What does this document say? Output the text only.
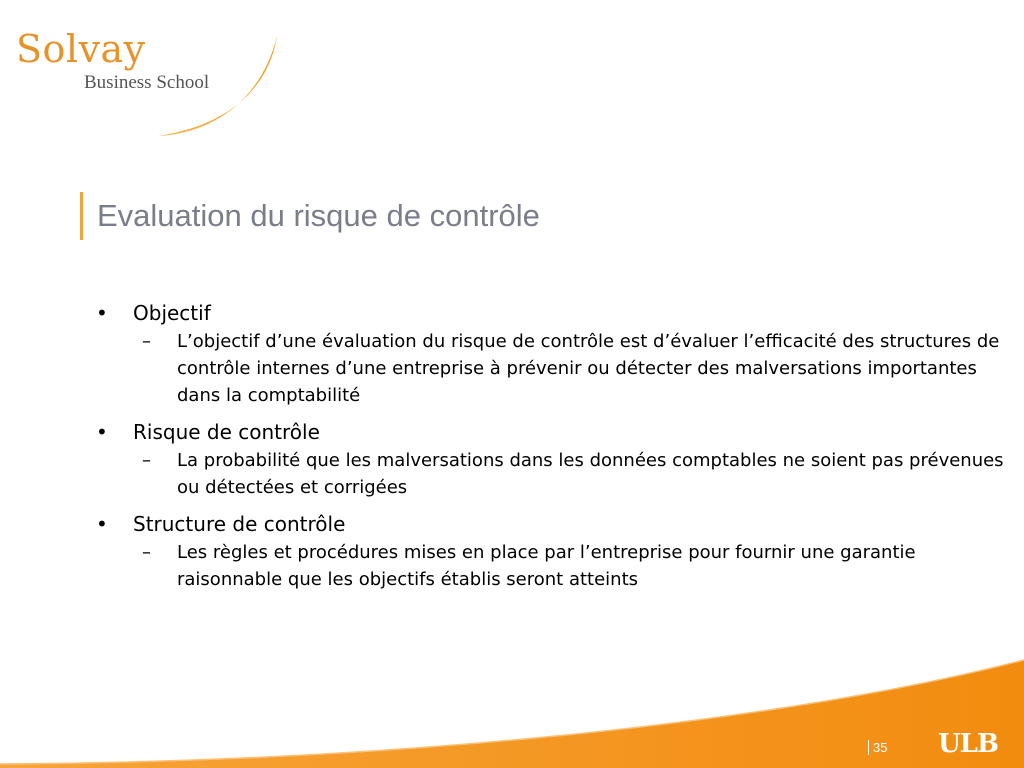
Solvay
Business School
Evaluation du risque de contrôle
•	Objectif
–	L’objectif d’une évaluation du risque de contrôle est d’évaluer l’efficacité des structures de contrôle internes d’une entreprise à prévenir ou détecter des malversations importantes dans la comptabilité
•	Risque de contrôle
–	La probabilité que les malversations dans les données comptables ne soient pas prévenues ou détectées et corrigées
•	Structure de contrôle
–	Les règles et procédures mises en place par l’entreprise pour fournir une garantie raisonnable que les objectifs établis seront atteints
35 ULB
